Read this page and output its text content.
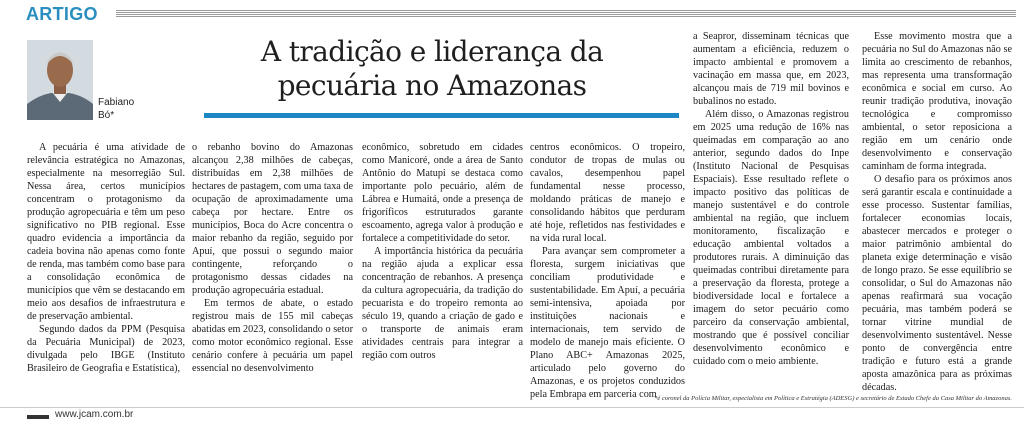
ARTIGO
Fabiano
Bó*
A tradição e liderança da pecuária no Amazonas

A pecuária é uma atividade de relevância estratégica no Amazonas, especialmente na mesorregião Sul. Nessa área, certos municípios concentram o protagonismo da produção agropecuária e têm um peso significativo no PIB regional. Esse quadro evidencia a importância da cadeia bovina não apenas como fonte de renda, mas também como base para a consolidação econômica de municípios que vêm se destacando em meio aos desafios de infraestrutura e de preservação ambiental.

Segundo dados da PPM (Pesquisa da Pecuária Municipal) de 2023, divulgada pelo IBGE (Instituto Brasileiro de Geografia e Estatística),

o rebanho bovino do Amazonas alcançou 2,38 milhões de cabeças, distribuídas em 2,38 milhões de hectares de pastagem, com uma taxa de ocupação de aproximadamente uma cabeça por hectare. Entre os municípios, Boca do Acre concentra o maior rebanho da região, seguido por Apuí, que possui o segundo maior contingente, reforçando o protagonismo dessas cidades na produção agropecuária estadual.

Em termos de abate, o estado registrou mais de 155 mil cabeças abatidas em 2023, consolidando o setor como motor econômico regional. Esse cenário confere à pecuária um papel essencial no desenvolvimento

econômico, sobretudo em cidades como Manicoré, onde a área de Santo Antônio do Matupi se destaca como importante polo pecuário, além de Lábrea e Humaitá, onde a presença de frigoríficos estruturados garante escoamento, agrega valor à produção e fortalece a competitividade do setor.

A importância histórica da pecuária na região ajuda a explicar essa concentração de rebanhos. A presença da cultura agropecuária, da tradição do pecuarista e do tropeiro remonta ao século 19, quando a criação de gado e o transporte de animais eram atividades centrais para integrar a região com outros

centros econômicos. O tropeiro, condutor de tropas de mulas ou cavalos, desempenhou papel fundamental nesse processo, moldando práticas de manejo e consolidando hábitos que perduram até hoje, refletidos nas festividades e na vida rural local.

Para avançar sem comprometer a floresta, surgem iniciativas que conciliam produtividade e sustentabilidade. Em Apuí, a pecuária semi-intensiva, apoiada por instituições nacionais e internacionais, tem servido de modelo de manejo mais eficiente. O Plano ABC+ Amazonas 2025, articulado pelo governo do Amazonas, e os projetos conduzidos pela Embrapa em parceria com

a Seapror, disseminam técnicas que aumentam a eficiência, reduzem o impacto ambiental e promovem a vacinação em massa que, em 2023, alcançou mais de 719 mil bovinos e bubalinos no estado.

Além disso, o Amazonas registrou em 2025 uma redução de 16% nas queimadas em comparação ao ano anterior, segundo dados do Inpe (Instituto Nacional de Pesquisas Espaciais). Esse resultado reflete o impacto positivo das políticas de manejo sustentável e do controle ambiental na região, que incluem monitoramento, fiscalização e educação ambiental voltados a produtores rurais. A diminuição das queimadas contribui diretamente para a preservação da floresta, protege a biodiversidade local e fortalece a imagem do setor pecuário como parceiro da conservação ambiental, mostrando que é possível conciliar desenvolvimento econômico e cuidado com o meio ambiente.

Esse movimento mostra que a pecuária no Sul do Amazonas não se limita ao crescimento de rebanhos, mas representa uma transformação econômica e social em curso. Ao reunir tradição produtiva, inovação tecnológica e compromisso ambiental, o setor reposiciona a região em um cenário onde desenvolvimento e conservação caminham de forma integrada.

O desafio para os próximos anos será garantir escala e continuidade a esse processo. Sustentar famílias, fortalecer economias locais, abastecer mercados e proteger o maior patrimônio ambiental do planeta exige determinação e visão de longo prazo. Se esse equilíbrio se consolidar, o Sul do Amazonas não apenas reafirmará sua vocação pecuária, mas também poderá se tornar vitrine mundial de desenvolvimento sustentável. Nesse ponto de convergência entre tradição e futuro está a grande aposta amazônica para as próximas décadas.

*é coronel da Polícia Militar, especialista em Política e Estratégia (ADESG) e secretário de Estado Chefe da Casa Militar do Amazonas.
www.jcam.com.br
